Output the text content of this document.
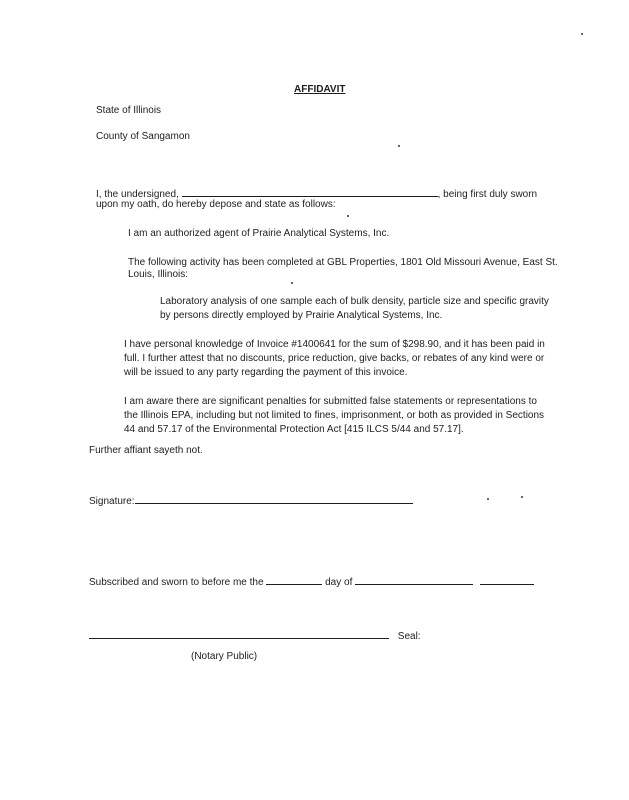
AFFIDAVIT
State of Illinois
County of Sangamon
I, the undersigned,	, being first duly sworn
upon my oath, do hereby depose and state as follows:
I am an authorized agent of Prairie Analytical Systems, Inc.
The following activity has been completed at GBL Properties, 1801 Old Missouri Avenue, East St.
Louis, Illinois:
Laboratory analysis of one sample each of bulk density, particle size and specific gravity
by persons directly employed by Prairie Analytical Systems, Inc.
I have personal knowledge of Invoice #1400641 for the sum of $298.90, and it has been paid in
full. I further attest that no discounts, price reduction, give backs, or rebates of any kind were or
will be issued to any party regarding the payment of this invoice.
I am aware there are significant penalties for submitted false statements or representations to
the Illinois EPA, including but not limited to fines, imprisonment, or both as provided in Sections
44 and 57.17 of the Environmental Protection Act [415 ILCS 5/44 and 57.17].
Further affiant sayeth not.
Signature:
Subscribed and sworn to before me the	day of
Seal:
(Notary Public)
